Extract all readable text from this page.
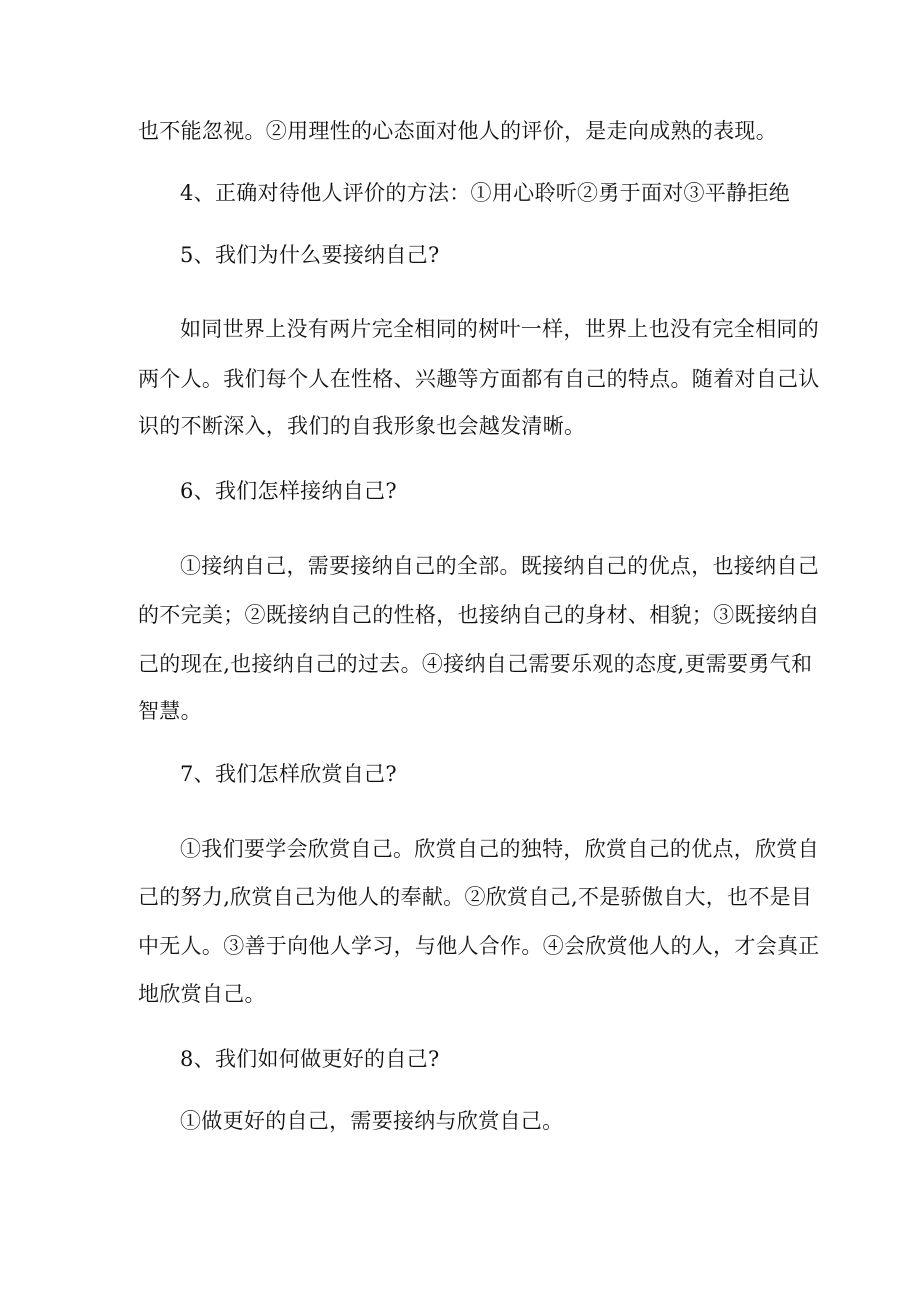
也不能忽视。②用理性的心态面对他人的评价，是走向成熟的表现。
4、正确对待他人评价的方法：①用心聆听②勇于面对③平静拒绝
5、我们为什么要接纳自己?
如同世界上没有两片完全相同的树叶一样，世界上也没有完全相同的
两个人。我们每个人在性格、兴趣等方面都有自己的特点。随着对自己认
识的不断深入，我们的自我形象也会越发清晰。
6、我们怎样接纳自己?
①接纳自己，需要接纳自己的全部。既接纳自己的优点，也接纳自己
的不完美；②既接纳自己的性格，也接纳自己的身材、相貌；③既接纳自
己的现在,也接纳自己的过去。④接纳自己需要乐观的态度,更需要勇气和
智慧。
7、我们怎样欣赏自己?
①我们要学会欣赏自己。欣赏自己的独特，欣赏自己的优点，欣赏自
己的努力,欣赏自己为他人的奉献。②欣赏自己,不是骄傲自大，也不是目
中无人。③善于向他人学习，与他人合作。④会欣赏他人的人，才会真正
地欣赏自己。
8、我们如何做更好的自己?
①做更好的自己，需要接纳与欣赏自己。
